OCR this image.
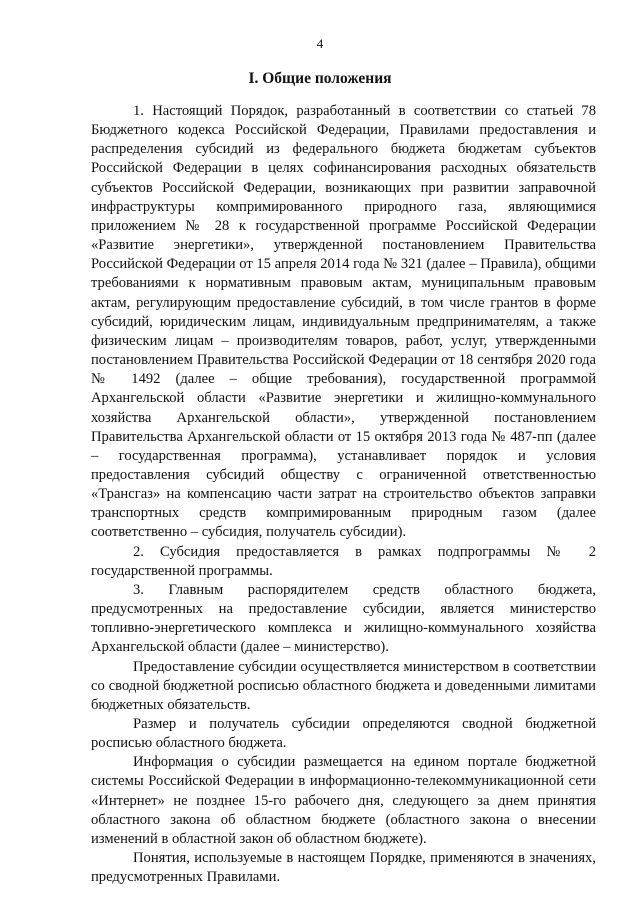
4
I. Общие положения

1. Настоящий Порядок, разработанный в соответствии со статьей 78 Бюджетного кодекса Российской Федерации, Правилами предоставления и распределения субсидий из федерального бюджета бюджетам субъектов Российской Федерации в целях софинансирования расходных обязательств субъектов Российской Федерации, возникающих при развитии заправочной инфраструктуры компримированного природного газа, являющимися приложением № 28 к государственной программе Российской Федерации «Развитие энергетики», утвержденной постановлением Правительства Российской Федерации от 15 апреля 2014 года № 321 (далее – Правила), общими требованиями к нормативным правовым актам, муниципальным правовым актам, регулирующим предоставление субсидий, в том числе грантов в форме субсидий, юридическим лицам, индивидуальным предпринимателям, а также физическим лицам – производителям товаров, работ, услуг, утвержденными постановлением Правительства Российской Федерации от 18 сентября 2020 года № 1492 (далее – общие требования), государственной программой Архангельской области «Развитие энергетики и жилищно-коммунального хозяйства Архангельской области», утвержденной постановлением Правительства Архангельской области от 15 октября 2013 года № 487-пп (далее – государственная программа), устанавливает порядок и условия предоставления субсидий обществу с ограниченной ответственностью «Трансгаз» на компенсацию части затрат на строительство объектов заправки транспортных средств компримированным природным газом (далее соответственно – субсидия, получатель субсидии).

2. Субсидия предоставляется в рамках подпрограммы № 2 государственной программы.

3. Главным распорядителем средств областного бюджета, предусмотренных на предоставление субсидии, является министерство топливно-энергетического комплекса и жилищно-коммунального хозяйства Архангельской области (далее – министерство).

Предоставление субсидии осуществляется министерством в соответствии со сводной бюджетной росписью областного бюджета и доведенными лимитами бюджетных обязательств.

Размер и получатель субсидии определяются сводной бюджетной росписью областного бюджета.

Информация о субсидии размещается на едином портале бюджетной системы Российской Федерации в информационно-телекоммуникационной сети «Интернет» не позднее 15-го рабочего дня, следующего за днем принятия областного закона об областном бюджете (областного закона о внесении изменений в областной закон об областном бюджете).

Понятия, используемые в настоящем Порядке, применяются в значениях, предусмотренных Правилами.
